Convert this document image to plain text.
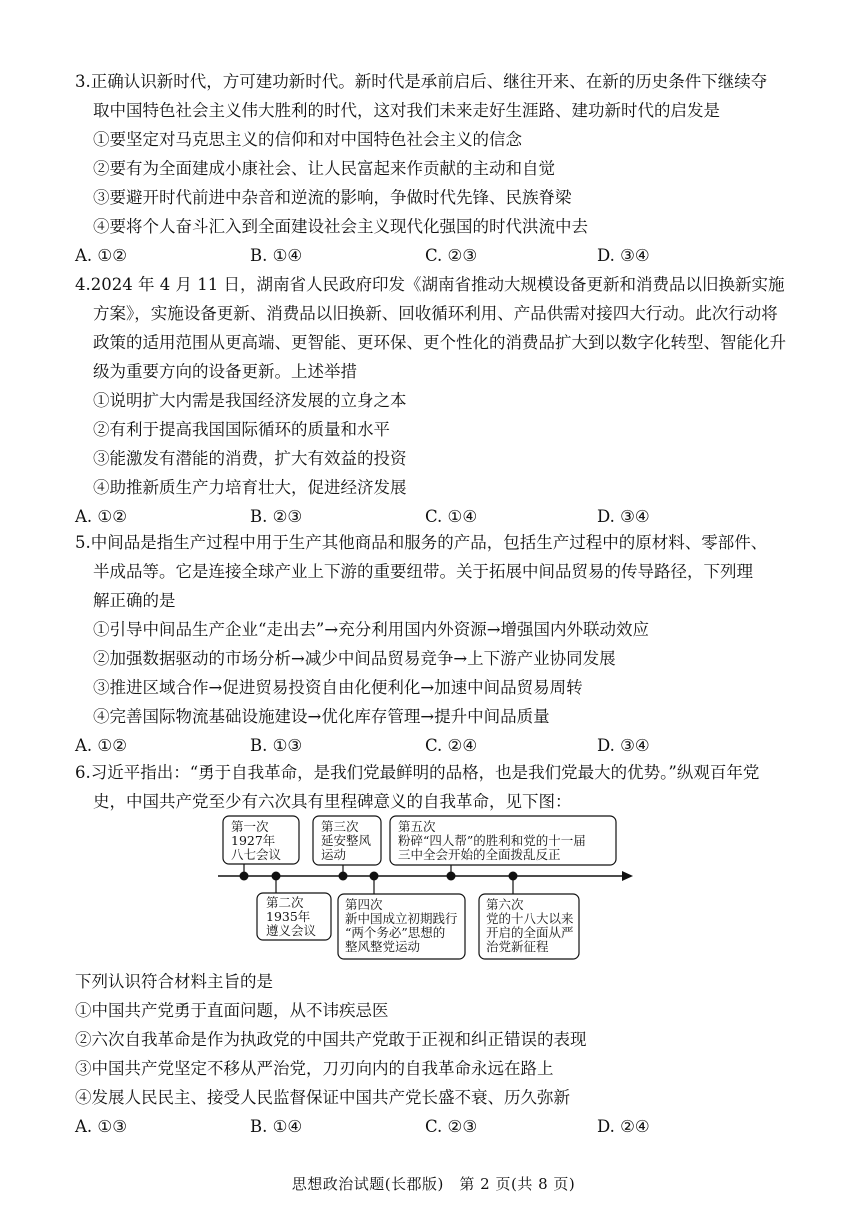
3.正确认识新时代，方可建功新时代。新时代是承前启后、继往开来、在新的历史条件下继续夺
取中国特色社会主义伟大胜利的时代，这对我们未来走好生涯路、建功新时代的启发是
①要坚定对马克思主义的信仰和对中国特色社会主义的信念
②要有为全面建成小康社会、让人民富起来作贡献的主动和自觉
③要避开时代前进中杂音和逆流的影响，争做时代先锋、民族脊梁
④要将个人奋斗汇入到全面建设社会主义现代化强国的时代洪流中去
A. ①②	B. ①④	C. ②③	D. ③④
4.2024 年 4 月 11 日，湖南省人民政府印发《湖南省推动大规模设备更新和消费品以旧换新实施
方案》，实施设备更新、消费品以旧换新、回收循环利用、产品供需对接四大行动。此次行动将
政策的适用范围从更高端、更智能、更环保、更个性化的消费品扩大到以数字化转型、智能化升
级为重要方向的设备更新。上述举措
①说明扩大内需是我国经济发展的立身之本
②有利于提高我国国际循环的质量和水平
③能激发有潜能的消费，扩大有效益的投资
④助推新质生产力培育壮大，促进经济发展
A. ①②	B. ②③	C. ①④	D. ③④
5.中间品是指生产过程中用于生产其他商品和服务的产品，包括生产过程中的原材料、零部件、
半成品等。它是连接全球产业上下游的重要纽带。关于拓展中间品贸易的传导路径，下列理
解正确的是
①引导中间品生产企业“走出去”→充分利用国内外资源→增强国内外联动效应
②加强数据驱动的市场分析→减少中间品贸易竞争→上下游产业协同发展
③推进区域合作→促进贸易投资自由化便利化→加速中间品贸易周转
④完善国际物流基础设施建设→优化库存管理→提升中间品质量
A. ①②	B. ①③	C. ②④	D. ③④
6.习近平指出：“勇于自我革命，是我们党最鲜明的品格，也是我们党最大的优势。”纵观百年党
史，中国共产党至少有六次具有里程碑意义的自我革命，见下图：
第一次
1927年
八七会议
第二次
1935年
遵义会议
第三次
延安整风
运动
第四次
新中国成立初期践行
“两个务必”思想的
整风整党运动
第五次
粉碎“四人帮”的胜利和党的十一届
三中全会开始的全面拨乱反正
第六次
党的十八大以来
开启的全面从严
治党新征程
下列认识符合材料主旨的是
①中国共产党勇于直面问题，从不讳疾忌医
②六次自我革命是作为执政党的中国共产党敢于正视和纠正错误的表现
③中国共产党坚定不移从严治党，刀刃向内的自我革命永远在路上
④发展人民民主、接受人民监督保证中国共产党长盛不衰、历久弥新
A. ①③	B. ①④	C. ②③	D. ②④
思想政治试题(长郡版)　第 2 页(共 8 页)
